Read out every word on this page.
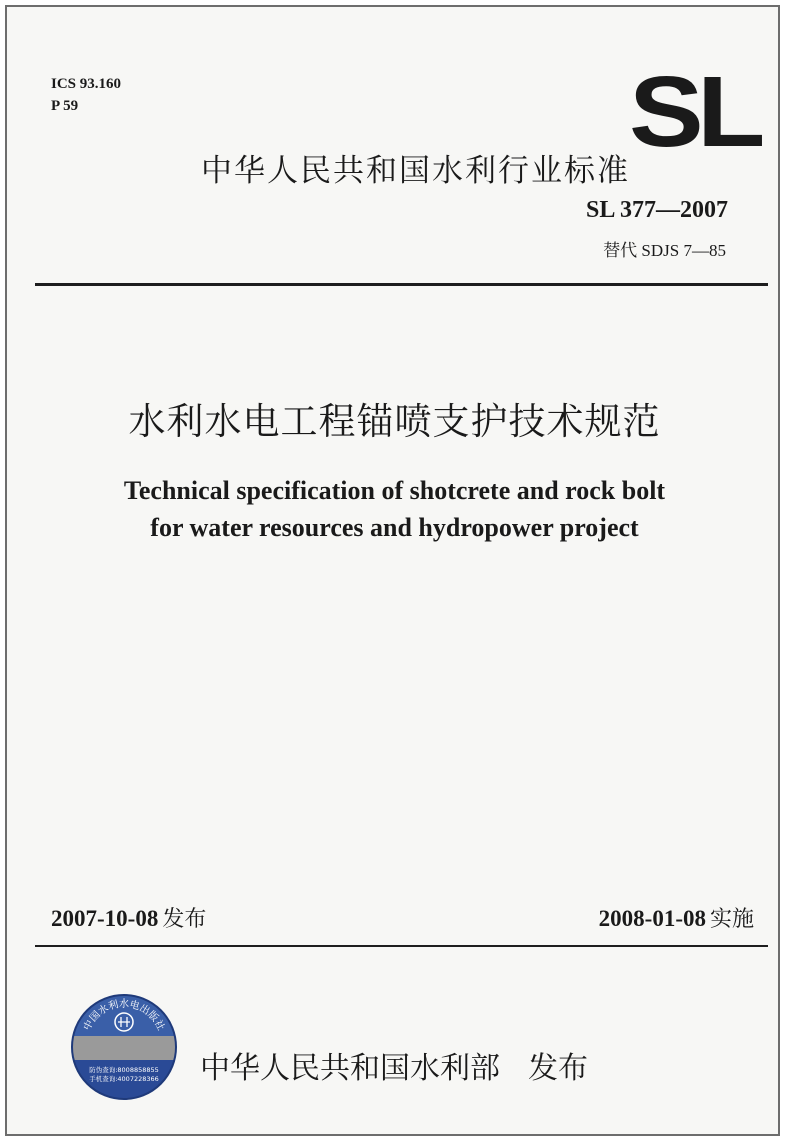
ICS 93.160
P 59	SL
中华人民共和国水利行业标准
SL 377—2007
替代 SDJS 7—85
水利水电工程锚喷支护技术规范
Technical specification of shotcrete and rock bolt
for water resources and hydropower project
2007-10-08 发布	2008-01-08 实施
中国水利水电出版社
防伪查询:8008858855
手机查询:4007228366 中华人民共和国水利部 发布
